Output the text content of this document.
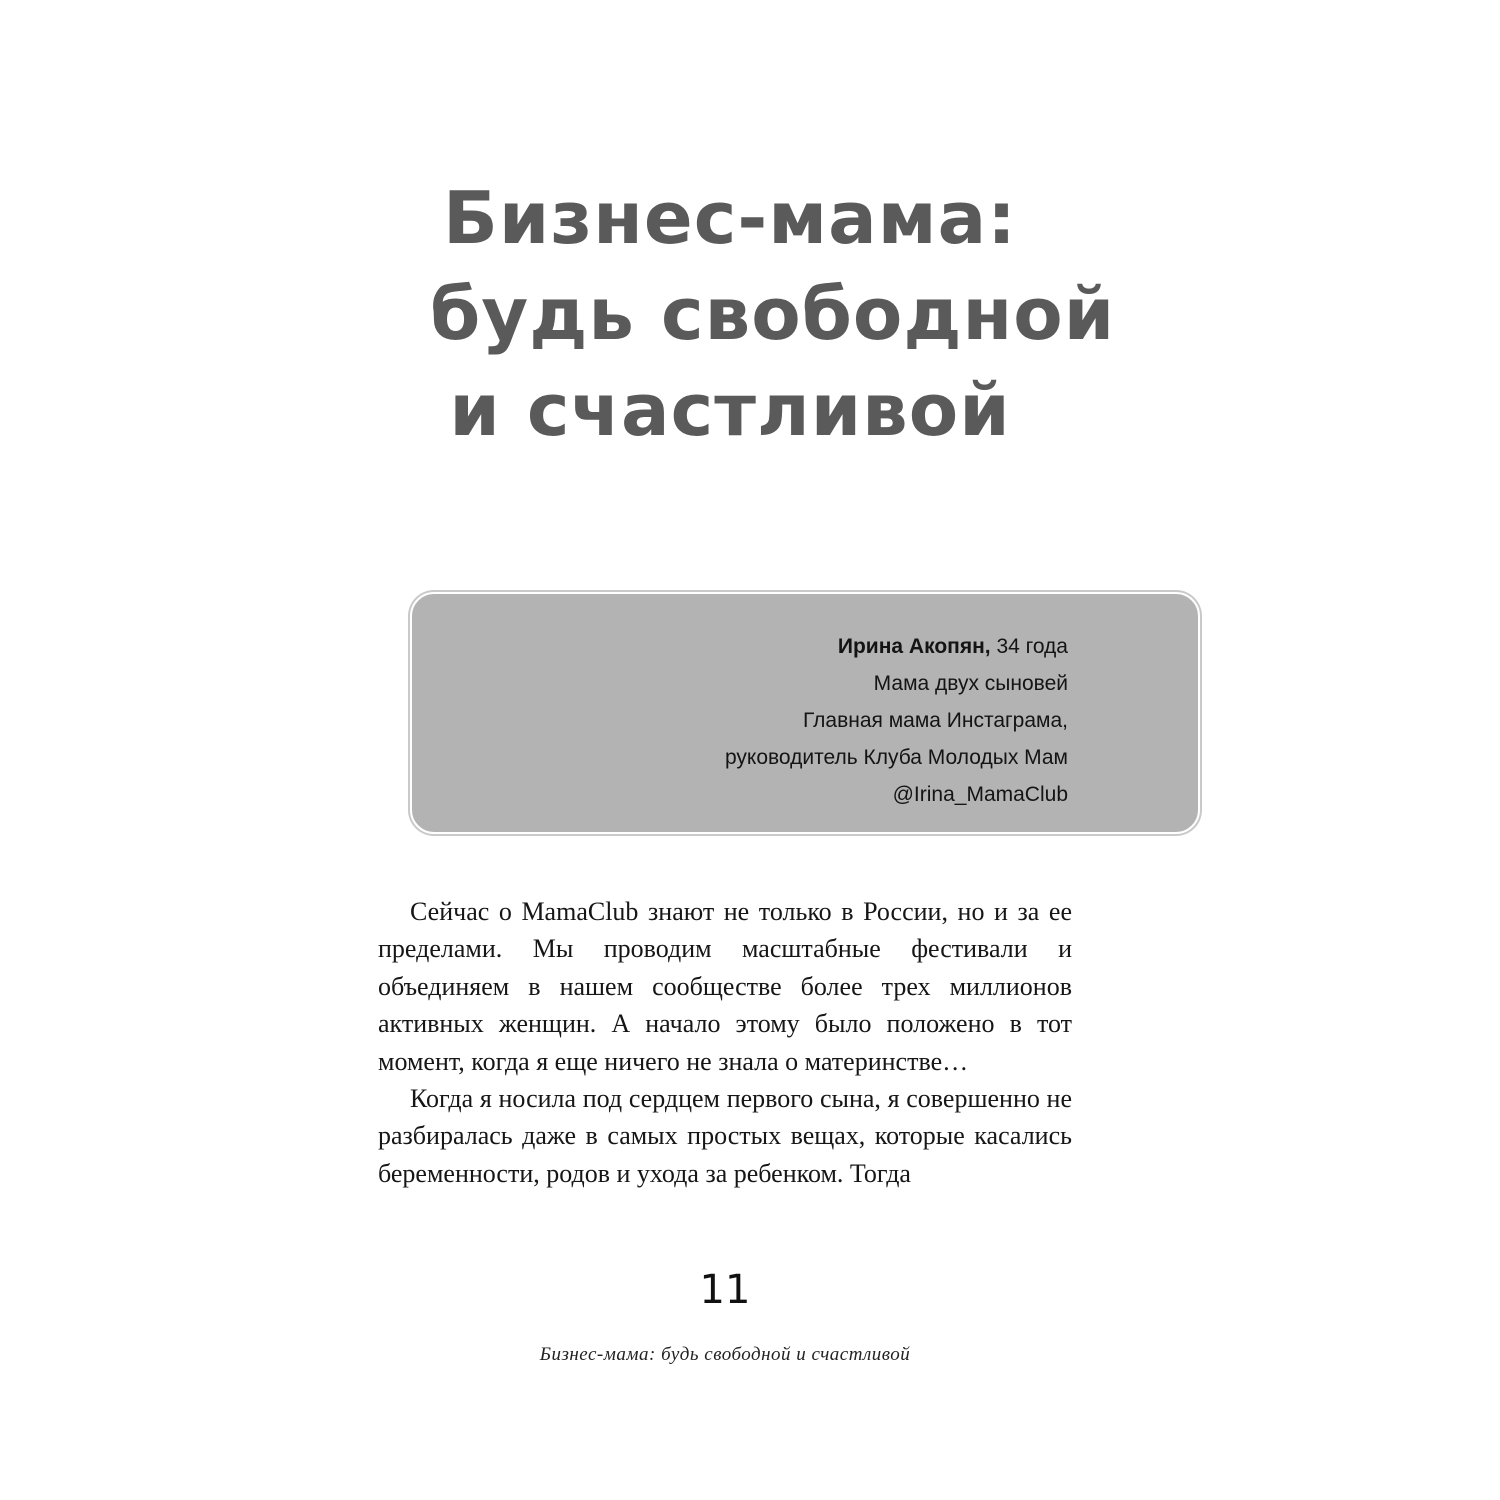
Бизнес-мама:
будь свободной
и счастливой
Ирина Акопян, 34 года
Мама двух сыновей
Главная мама Инстаграма,
руководитель Клуба Молодых Мам
@Irina_MamaClub

Сейчас о MamaClub знают не только в России, но и за ее пределами. Мы проводим масштабные фестивали и объединяем в нашем сообществе более трех миллионов активных женщин. А начало этому было положено в тот момент, когда я еще ничего не знала о материнстве…

Когда я носила под сердцем первого сына, я совершенно не разбиралась даже в самых простых вещах, которые касались беременности, родов и ухода за ребенком. Тогда

11
Бизнес-мама: будь свободной и счастливой
